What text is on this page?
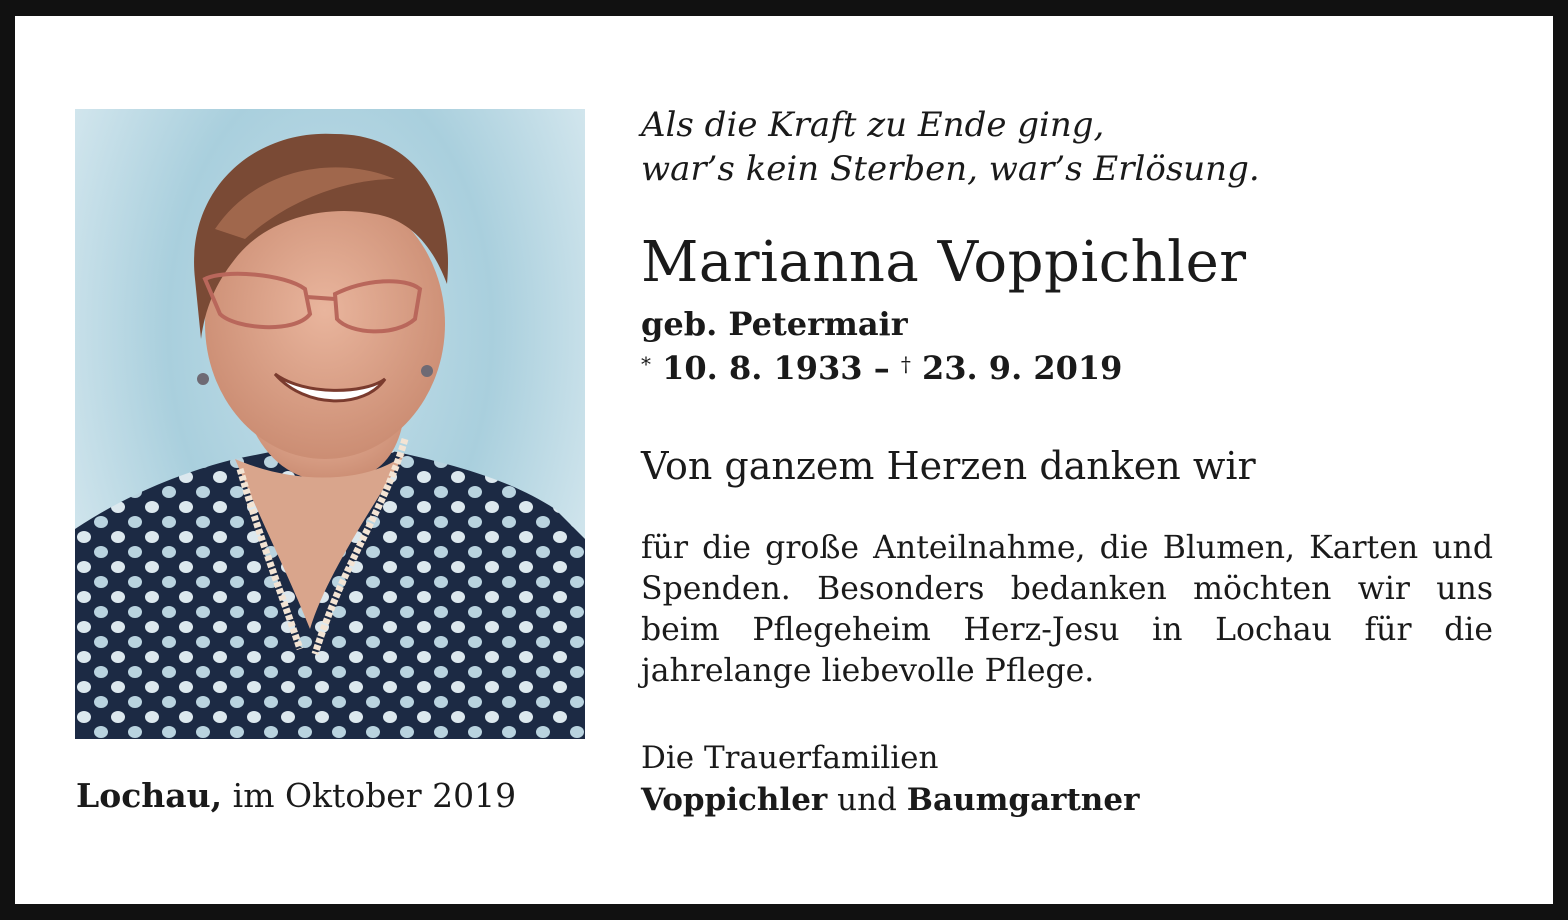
Lochau, im Oktober 2019
Als die Kraft zu Ende ging,
war’s kein Sterben, war’s Erlösung.
Marianna Voppichler
geb. Petermair
* 10. 8. 1933 – † 23. 9. 2019
Von ganzem Herzen danken wir
für die große Anteilnahme, die Blumen, Karten und Spenden. Besonders bedanken möchten wir uns beim Pflegeheim Herz-Jesu in Lochau für die jahrelange liebevolle Pflege.
Die Trauerfamilien
Voppichler und Baumgartner
